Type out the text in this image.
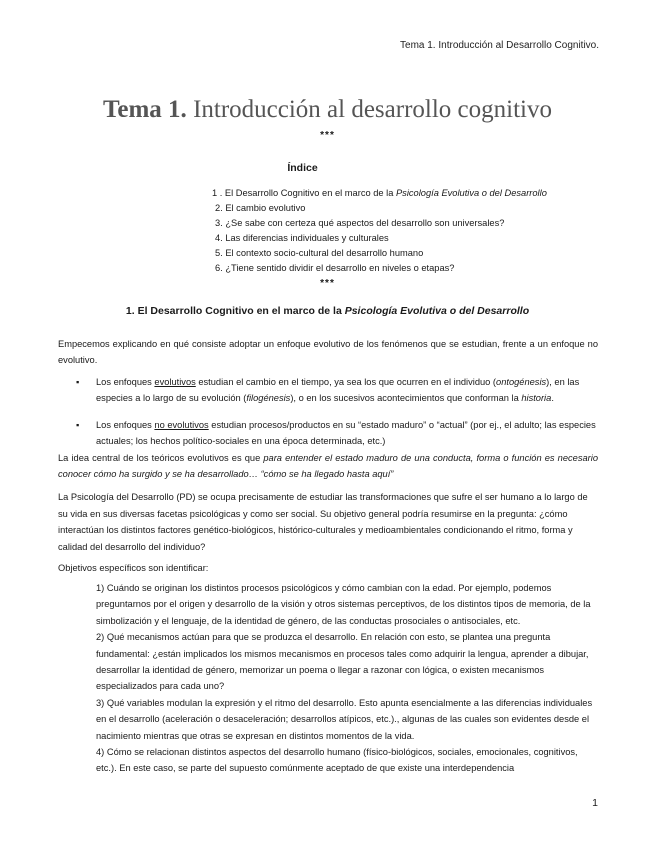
Tema 1. Introducción al Desarrollo Cognitivo.
Tema 1. Introducción al desarrollo cognitivo
***
Índice
1 . El Desarrollo Cognitivo en el marco de la Psicología Evolutiva o del Desarrollo
2. El cambio evolutivo
3. ¿Se sabe con certeza qué aspectos del desarrollo son universales?
4. Las diferencias individuales y culturales
5. El contexto socio-cultural del desarrollo humano
6. ¿Tiene sentido dividir el desarrollo en niveles o etapas?
***
1. El Desarrollo Cognitivo en el marco de la Psicología Evolutiva o del Desarrollo
Empecemos explicando en qué consiste adoptar un enfoque evolutivo de los fenómenos que se estudian, frente a un enfoque no evolutivo.
▪ Los enfoques evolutivos estudian el cambio en el tiempo, ya sea los que ocurren en el individuo (ontogénesis), en las especies a lo largo de su evolución (filogénesis), o en los sucesivos acontecimientos que conforman la historia.
▪ Los enfoques no evolutivos estudian procesos/productos en su “estado maduro” o “actual” (por ej., el adulto; las especies actuales; los hechos político-sociales en una época determinada, etc.)
La idea central de los teóricos evolutivos es que para entender el estado maduro de una conducta, forma o función es necesario conocer cómo ha surgido y se ha desarrollado… “cómo se ha llegado hasta aquí”
La Psicología del Desarrollo (PD) se ocupa precisamente de estudiar las transformaciones que sufre el ser humano a lo largo de su vida en sus diversas facetas psicológicas y como ser social. Su objetivo general podría resumirse en la pregunta: ¿cómo interactúan los distintos factores genético-biológicos, histórico-culturales y medioambientales condicionando el ritmo, forma y calidad del desarrollo del individuo?
Objetivos específicos son identificar:
1) Cuándo se originan los distintos procesos psicológicos y cómo cambian con la edad. Por ejemplo, podemos preguntarnos por el origen y desarrollo de la visión y otros sistemas perceptivos, de los distintos tipos de memoria, de la simbolización y el lenguaje, de la identidad de género, de las conductas prosociales o antisociales, etc.
2) Qué mecanismos actúan para que se produzca el desarrollo. En relación con esto, se plantea una pregunta fundamental: ¿están implicados los mismos mecanismos en procesos tales como adquirir la lengua, aprender a dibujar, desarrollar la identidad de género, memorizar un poema o llegar a razonar con lógica, o existen mecanismos especializados para cada uno?
3) Qué variables modulan la expresión y el ritmo del desarrollo. Esto apunta esencialmente a las diferencias individuales en el desarrollo (aceleración o desaceleración; desarrollos atípicos, etc.)., algunas de las cuales son evidentes desde el nacimiento mientras que otras se expresan en distintos momentos de la vida.
4) Cómo se relacionan distintos aspectos del desarrollo humano (físico-biológicos, sociales, emocionales, cognitivos, etc.). En este caso, se parte del supuesto comúnmente aceptado de que existe una interdependencia
1
